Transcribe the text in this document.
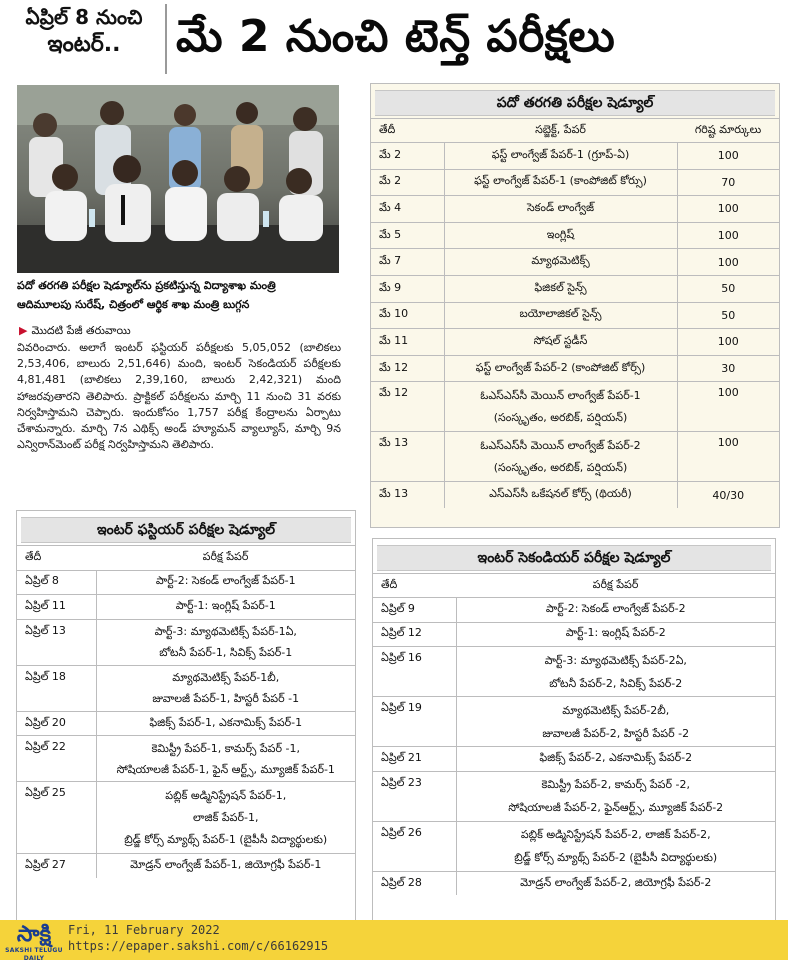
ఏప్రిల్ 8 నుంచి
ఇంటర్..	మే 2 నుంచి టెన్త్ పరీక్షలు
పదో తరగతి పరీక్షల షెడ్యూల్‌ను ప్రకటిస్తున్న విద్యాశాఖ మంత్రి
ఆదిమూలపు సురేష్, చిత్రంలో ఆర్థిక శాఖ మంత్రి బుగ్గన
▶ మొదటి పేజీ తరువాయి
వివరించారు. అలాగే ఇంటర్ ఫస్టియర్ పరీక్షలకు 5,05,052 (బాలికలు 2,53,406, బాలురు 2,51,646) మంది, ఇంటర్ సెకండియర్ పరీక్షలకు 4,81,481 (బాలికలు 2,39,160, బాలురు 2,42,321) మంది హాజరవుతారని తెలిపారు. ప్రాక్టికల్ పరీక్షలను మార్చి 11 నుంచి 31 వరకు నిర్వహిస్తామని చెప్పారు. ఇందుకోసం 1,757 పరీక్ష కేంద్రాలను ఏర్పాటు చేశామన్నారు. మార్చి 7న ఎథిక్స్ అండ్ హ్యూమన్ వ్యాల్యూస్, మార్చి 9న ఎన్విరాన్‌మెంట్ పరీక్ష నిర్వహిస్తామని తెలిపారు.
పదో తరగతి పరీక్షల షెడ్యూల్
తేదీ	సబ్జెక్ట్, పేపర్	గరిష్ట మార్కులు
మే 2	ఫస్ట్ లాంగ్వేజ్ పేపర్-1 (గ్రూప్-ఏ)	100
మే 2	ఫస్ట్ లాంగ్వేజ్ పేపర్-1 (కాంపోజిట్ కోర్సు)	70
మే 4	సెకండ్ లాంగ్వేజ్	100
మే 5	ఇంగ్లిష్	100
మే 7	మ్యాథమెటిక్స్	100
మే 9	ఫిజికల్ సైన్స్	50
మే 10	బయోలాజికల్ సైన్స్	50
మే 11	సోషల్ స్టడీస్	100
మే 12	ఫస్ట్ లాంగ్వేజ్ పేపర్-2 (కాంపోజిట్ కోర్స్)	30
మే 12	ఓఎస్ఎస్‌సీ మెయిన్ లాంగ్వేజ్ పేపర్-1
(సంస్కృతం, అరబిక్, పర్షియన్)	100
మే 13	ఓఎస్ఎస్‌సీ మెయిన్ లాంగ్వేజ్ పేపర్-2
(సంస్కృతం, అరబిక్, పర్షియన్)	100
మే 13	ఎస్ఎస్‌సీ ఒకేషనల్ కోర్స్ (థియరీ)	40/30
ఇంటర్ ఫస్టియర్ పరీక్షల షెడ్యూల్
తేదీ	పరీక్ష పేపర్
ఏప్రిల్ 8	పార్ట్-2: సెకండ్ లాంగ్వేజ్ పేపర్-1
ఏప్రిల్ 11	పార్ట్-1: ఇంగ్లిష్ పేపర్-1
ఏప్రిల్ 13	పార్ట్-3: మ్యాథమెటిక్స్ పేపర్-1ఏ,
బోటనీ పేపర్-1, సివిక్స్ పేపర్-1
ఏప్రిల్ 18	మ్యాథమెటిక్స్ పేపర్-1బీ,
జువాలజీ పేపర్-1, హిస్టరీ పేపర్ -1
ఏప్రిల్ 20	ఫిజిక్స్ పేపర్-1, ఎకనామిక్స్ పేపర్-1
ఏప్రిల్ 22	కెమిస్ట్రీ పేపర్-1, కామర్స్ పేపర్ -1,
సోషియాలజీ పేపర్-1, ఫైన్ ఆర్ట్స్, మ్యూజిక్ పేపర్-1
ఏప్రిల్ 25	పబ్లిక్ అడ్మినిస్ట్రేషన్ పేపర్-1,
లాజిక్ పేపర్-1,
బ్రిడ్జ్ కోర్స్ మ్యాథ్స్ పేపర్-1 (బైపీసీ విద్యార్థులకు)
ఏప్రిల్ 27	మోడ్రన్ లాంగ్వేజ్ పేపర్-1, జియోగ్రఫీ పేపర్-1
ఇంటర్ సెకండియర్ పరీక్షల షెడ్యూల్
తేదీ	పరీక్ష పేపర్
ఏప్రిల్ 9	పార్ట్-2: సెకండ్ లాంగ్వేజ్ పేపర్-2
ఏప్రిల్ 12	పార్ట్-1: ఇంగ్లిష్ పేపర్-2
ఏప్రిల్ 16	పార్ట్-3: మ్యాథమెటిక్స్ పేపర్-2ఏ,
బోటనీ పేపర్-2, సివిక్స్ పేపర్-2
ఏప్రిల్ 19	మ్యాథమెటిక్స్ పేపర్-2బీ,
జువాలజీ పేపర్-2, హిస్టరీ పేపర్ -2
ఏప్రిల్ 21	ఫిజిక్స్ పేపర్-2, ఎకనామిక్స్ పేపర్-2
ఏప్రిల్ 23	కెమిస్ట్రీ పేపర్-2, కామర్స్ పేపర్ -2,
సోషియాలజీ పేపర్-2, ఫైన్‌ఆర్ట్స్, మ్యూజిక్ పేపర్-2
ఏప్రిల్ 26	పబ్లిక్ అడ్మినిస్ట్రేషన్ పేపర్-2, లాజిక్ పేపర్-2,
బ్రిడ్జ్ కోర్స్ మ్యాథ్స్ పేపర్-2 (బైపీసీ విద్యార్థులకు)
ఏప్రిల్ 28	మోడ్రన్ లాంగ్వేజ్ పేపర్-2, జియోగ్రఫీ పేపర్-2
సాక్షి
SAKSHI TELUGU DAILY
Fri, 11 February 2022
https://epaper.sakshi.com/c/66162915
